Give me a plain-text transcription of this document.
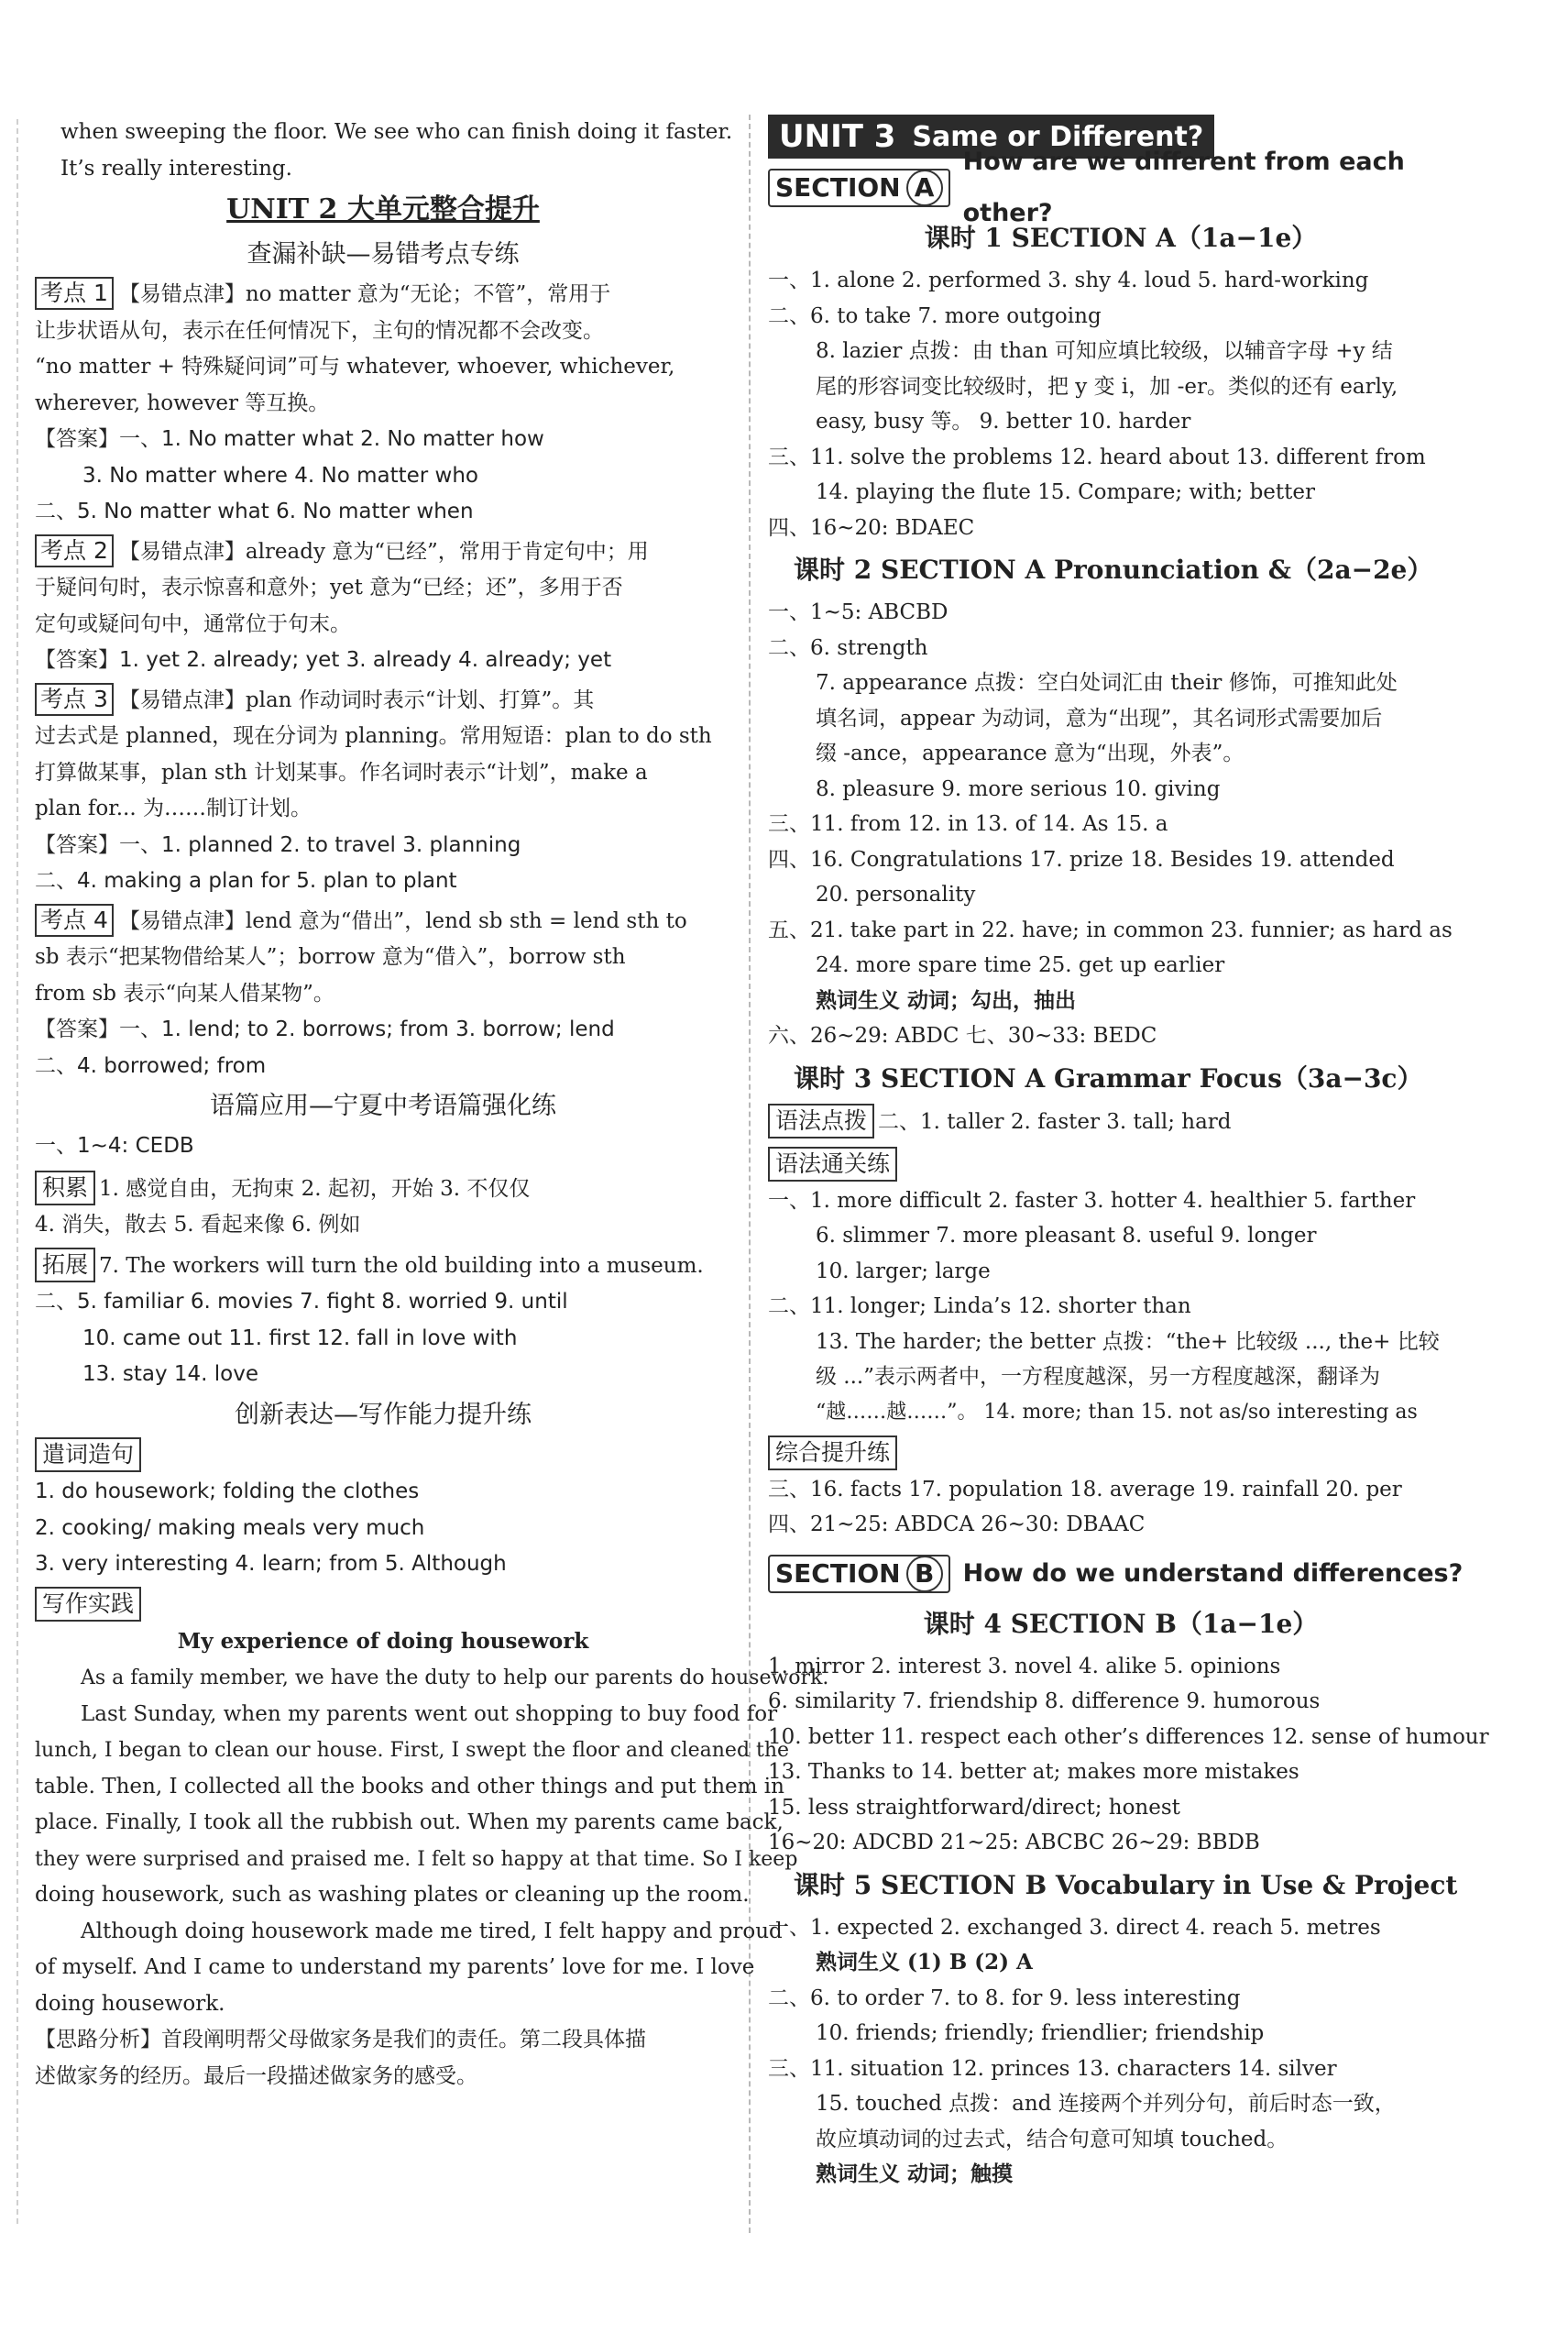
when sweeping the floor. We see who can finish doing it faster.
It’s really interesting.
UNIT 2 大单元整合提升
查漏补缺—易错考点专练
考点 1 【易错点津】no matter 意为“无论；不管”，常用于
让步状语从句，表示在任何情况下，主句的情况都不会改变。
“no matter + 特殊疑问词”可与 whatever, whoever, whichever,
wherever, however 等互换。
【答案】一、1. No matter what 2. No matter how
3. No matter where 4. No matter who
二、5. No matter what 6. No matter when
考点 2 【易错点津】already 意为“已经”，常用于肯定句中；用
于疑问句时，表示惊喜和意外；yet 意为“已经；还”，多用于否
定句或疑问句中，通常位于句末。
【答案】1. yet 2. already; yet 3. already 4. already; yet
考点 3 【易错点津】plan 作动词时表示“计划、打算”。其
过去式是 planned，现在分词为 planning。常用短语：plan to do sth
打算做某事，plan sth 计划某事。作名词时表示“计划”，make a
plan for... 为……制订计划。
【答案】一、1. planned 2. to travel 3. planning
二、4. making a plan for 5. plan to plant
考点 4 【易错点津】lend 意为“借出”，lend sb sth = lend sth to
sb 表示“把某物借给某人”；borrow 意为“借入”，borrow sth
from sb 表示“向某人借某物”。
【答案】一、1. lend; to 2. borrows; from 3. borrow; lend
二、4. borrowed; from
语篇应用—宁夏中考语篇强化练
一、1~4: CEDB
积累 1. 感觉自由，无拘束 2. 起初，开始 3. 不仅仅
4. 消失，散去 5. 看起来像 6. 例如
拓展 7. The workers will turn the old building into a museum.
二、5. familiar 6. movies 7. fight 8. worried 9. until
10. came out 11. first 12. fall in love with
13. stay 14. love
创新表达—写作能力提升练
遣词造句
1. do housework; folding the clothes
2. cooking/ making meals very much
3. very interesting 4. learn; from 5. Although
写作实践
My experience of doing housework
As a family member, we have the duty to help our parents do housework.
Last Sunday, when my parents went out shopping to buy food for
lunch, I began to clean our house. First, I swept the floor and cleaned the
table. Then, I collected all the books and other things and put them in
place. Finally, I took all the rubbish out. When my parents came back,
they were surprised and praised me. I felt so happy at that time. So I keep
doing housework, such as washing plates or cleaning up the room.
Although doing housework made me tired, I felt happy and proud
of myself. And I came to understand my parents’ love for me. I love
doing housework.
【思路分析】首段阐明帮父母做家务是我们的责任。第二段具体描
述做家务的经历。最后一段描述做家务的感受。
UNIT 3 Same or Different?
SECTION A
How are we different from each other?
课时 1 SECTION A（1a−1e）
一、1. alone 2. performed 3. shy 4. loud 5. hard-working
二、6. to take 7. more outgoing
8. lazier 点拨：由 than 可知应填比较级，以辅音字母 +y 结
尾的形容词变比较级时，把 y 变 i，加 -er。类似的还有 early,
easy, busy 等。 9. better 10. harder
三、11. solve the problems 12. heard about 13. different from
14. playing the flute 15. Compare; with; better
四、16~20: BDAEC
课时 2 SECTION A Pronunciation &（2a−2e）
一、1~5: ABCBD
二、6. strength
7. appearance 点拨：空白处词汇由 their 修饰，可推知此处
填名词，appear 为动词，意为“出现”，其名词形式需要加后
缀 -ance，appearance 意为“出现，外表”。
8. pleasure 9. more serious 10. giving
三、11. from 12. in 13. of 14. As 15. a
四、16. Congratulations 17. prize 18. Besides 19. attended
20. personality
五、21. take part in 22. have; in common 23. funnier; as hard as
24. more spare time 25. get up earlier
熟词生义 动词；勾出，抽出
六、26~29: ABDC 七、30~33: BEDC
课时 3 SECTION A Grammar Focus（3a−3c）
语法点拨 二、1. taller 2. faster 3. tall; hard
语法通关练
一、1. more difficult 2. faster 3. hotter 4. healthier 5. farther
6. slimmer 7. more pleasant 8. useful 9. longer
10. larger; large
二、11. longer; Linda’s 12. shorter than
13. The harder; the better 点拨：“the+ 比较级 ..., the+ 比较
级 ...”表示两者中，一方程度越深，另一方程度越深，翻译为
“越……越……”。 14. more; than 15. not as/so interesting as
综合提升练
三、16. facts 17. population 18. average 19. rainfall 20. per
四、21~25: ABDCA 26~30: DBAAC
SECTION B	How do we understand differences?
课时 4 SECTION B（1a−1e）
1. mirror 2. interest 3. novel 4. alike 5. opinions
6. similarity 7. friendship 8. difference 9. humorous
10. better 11. respect each other’s differences 12. sense of humour
13. Thanks to 14. better at; makes more mistakes
15. less straightforward/direct; honest
16~20: ADCBD 21~25: ABCBC 26~29: BBDB
课时 5 SECTION B Vocabulary in Use & Project
一、1. expected 2. exchanged 3. direct 4. reach 5. metres
熟词生义 (1) B (2) A
二、6. to order 7. to 8. for 9. less interesting
10. friends; friendly; friendlier; friendship
三、11. situation 12. princes 13. characters 14. silver
15. touched 点拨：and 连接两个并列分句，前后时态一致，
故应填动词的过去式，结合句意可知填 touched。
熟词生义 动词；触摸
